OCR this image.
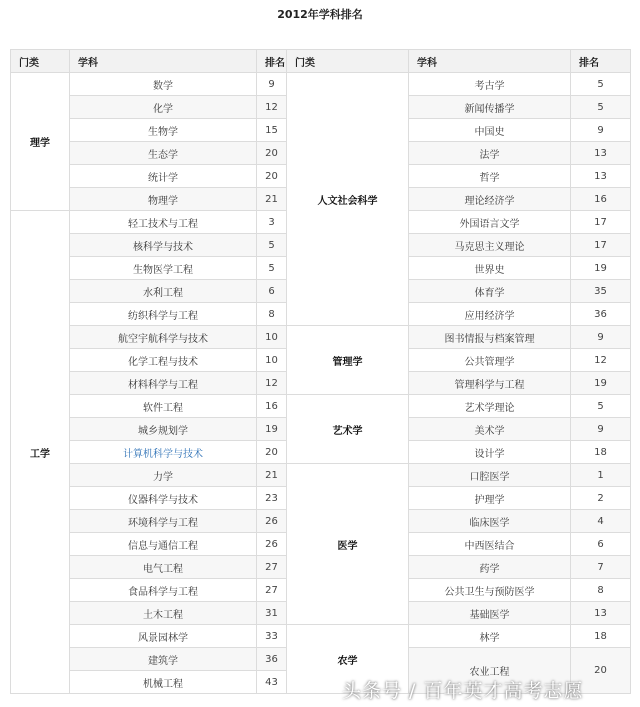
2012年学科排名
门类	学科	排名	门类	学科	排名
理学	数学	9	人文社会科学	考古学	5
	化学	12		新闻传播学	5
	生物学	15		中国史	9
	生态学	20		法学	13
	统计学	20		哲学	13
	物理学	21		理论经济学	16
工学	轻工技术与工程	3		外国语言文学	17
	核科学与技术	5		马克思主义理论	17
	生物医学工程	5		世界史	19
	水利工程	6		体育学	35
	纺织科学与工程	8		应用经济学	36
	航空宇航科学与技术	10	管理学	图书情报与档案管理	9
	化学工程与技术	10		公共管理学	12
	材料科学与工程	12		管理科学与工程	19
	软件工程	16	艺术学	艺术学理论	5
	城乡规划学	19		美术学	9
	计算机科学与技术	20		设计学	18
	力学	21	医学	口腔医学	1
	仪器科学与技术	23		护理学	2
	环境科学与工程	26		临床医学	4
	信息与通信工程	26		中西医结合	6
	电气工程	27		药学	7
	食品科学与工程	27		公共卫生与预防医学	8
	土木工程	31		基础医学	13
	风景园林学	33	农学	林学	18
	建筑学	36		农业工程	20
	机械工程	43				头条号 / 百年英才高考志愿
